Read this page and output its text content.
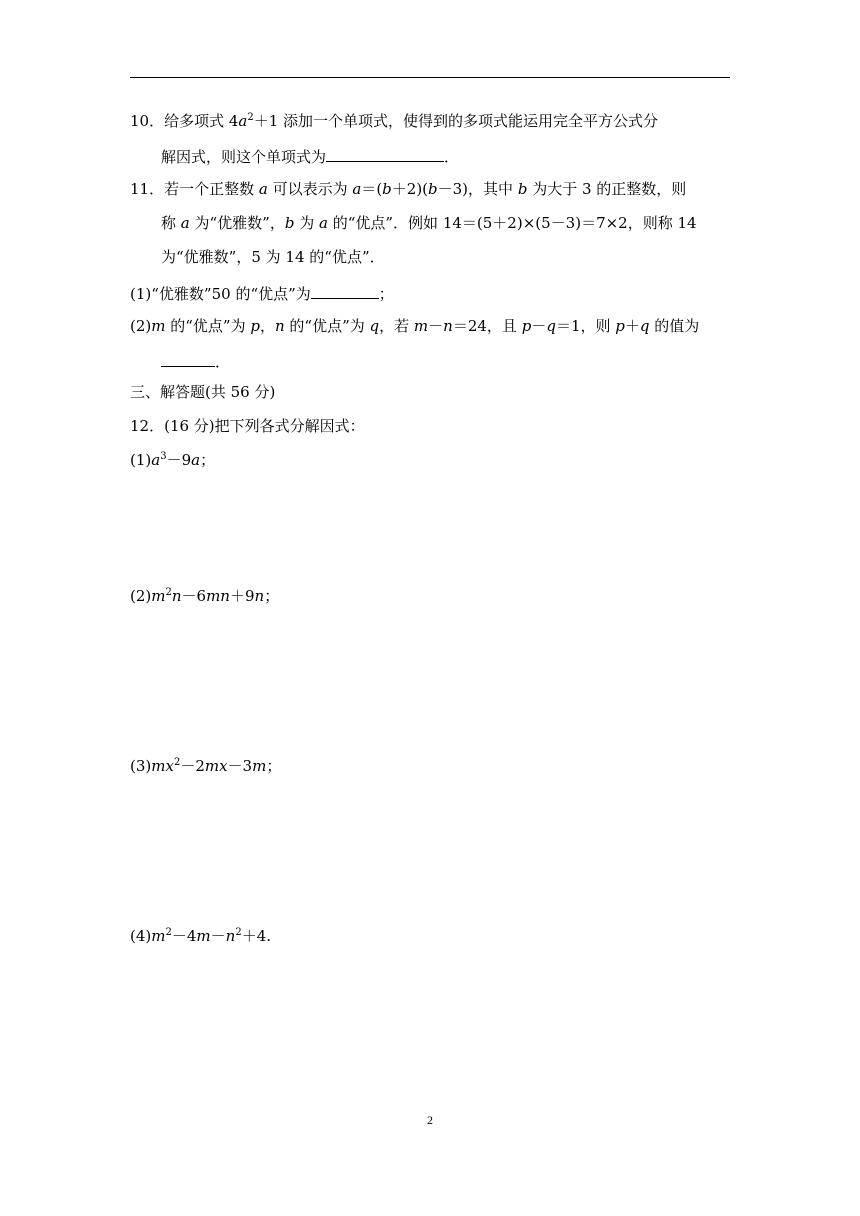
10．给多项式 $4a^2+1$ 添加一个单项式，使得到的多项式能运用完全平方公式分
解因式，则这个单项式为	．
11．若一个正整数 a 可以表示为 a＝(b＋2)(b－3)，其中 b 为大于 3 的正整数，则
称 a 为“优雅数”，b 为 a 的“优点”．例如 14＝(5＋2)×(5－3)＝7×2，则称 14
为“优雅数”，5 为 14 的“优点”．
(1)“优雅数”50 的“优点”为	；
(2)m 的“优点”为 p，n 的“优点”为 q，若 m－n＝24，且 p－q＝1，则 p＋q 的值为
．
三、解答题(共 56 分)
12．(16 分)把下列各式分解因式：
$(1)a^3-9a$；
$(2)m^2n-6mn+9n$；
$(3)mx^2-2mx-3m$；
$(4)m^2-4m-n^2+4$.
2
